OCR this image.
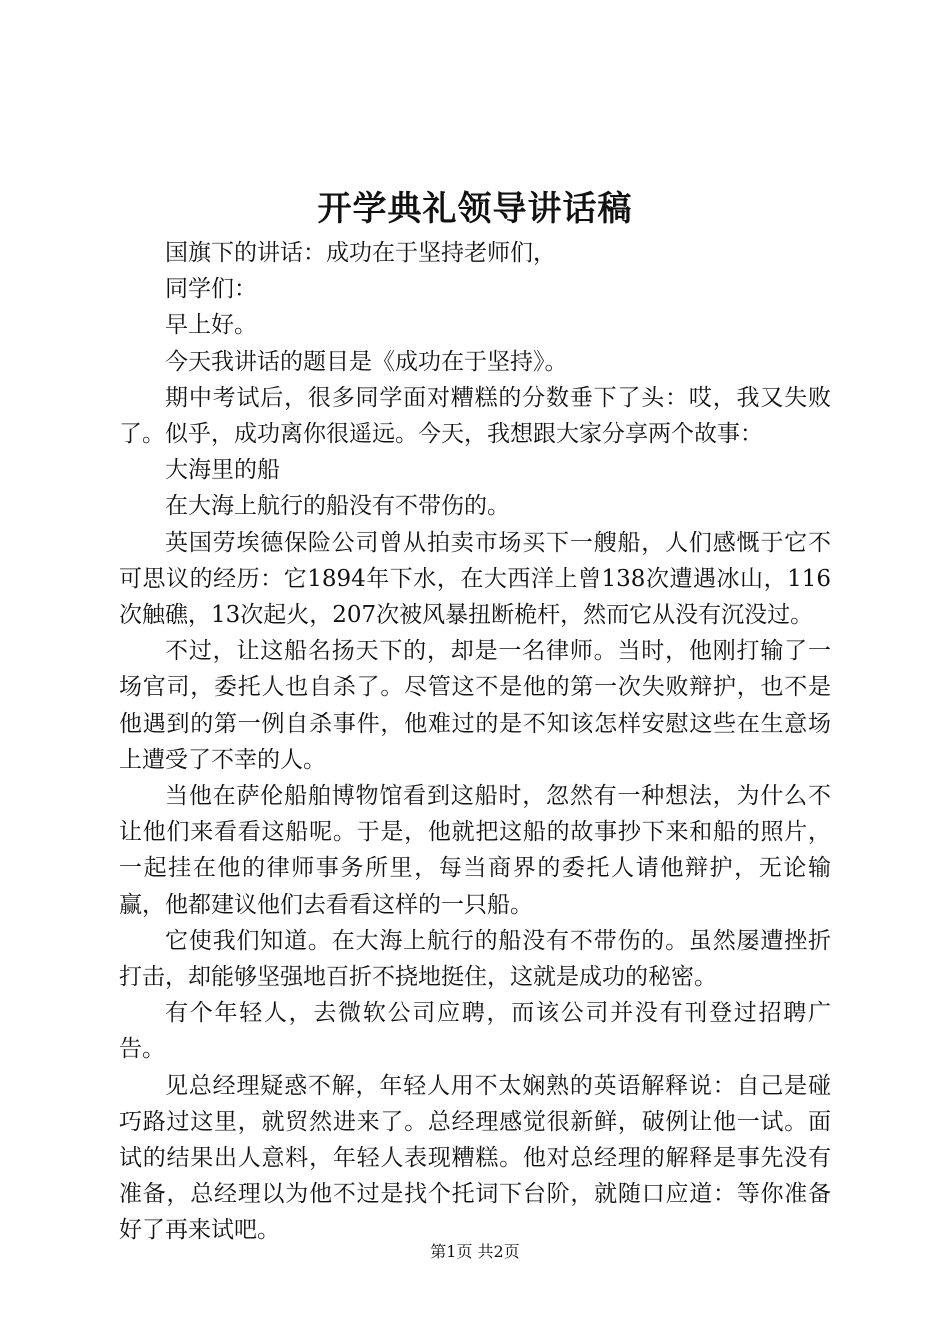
开学典礼领导讲话稿

国旗下的讲话：成功在于坚持老师们，

同学们：

早上好。

今天我讲话的题目是《成功在于坚持》。

期中考试后，很多同学面对糟糕的分数垂下了头：哎，我又失败了。似乎，成功离你很遥远。今天，我想跟大家分享两个故事：

大海里的船

在大海上航行的船没有不带伤的。

英国劳埃德保险公司曾从拍卖市场买下一艘船，人们感慨于它不可思议的经历：它1894年下水，在大西洋上曾138次遭遇冰山，116次触礁，13次起火，207次被风暴扭断桅杆，然而它从没有沉没过。

不过，让这船名扬天下的，却是一名律师。当时，他刚打输了一场官司，委托人也自杀了。尽管这不是他的第一次失败辩护，也不是他遇到的第一例自杀事件，他难过的是不知该怎样安慰这些在生意场上遭受了不幸的人。

当他在萨伦船舶博物馆看到这船时，忽然有一种想法，为什么不让他们来看看这船呢。于是，他就把这船的故事抄下来和船的照片，一起挂在他的律师事务所里，每当商界的委托人请他辩护，无论输赢，他都建议他们去看看这样的一只船。

它使我们知道。在大海上航行的船没有不带伤的。虽然屡遭挫折打击，却能够坚强地百折不挠地挺住，这就是成功的秘密。

有个年轻人，去微软公司应聘，而该公司并没有刊登过招聘广告。

见总经理疑惑不解，年轻人用不太娴熟的英语解释说：自己是碰巧路过这里，就贸然进来了。总经理感觉很新鲜，破例让他一试。面试的结果出人意料，年轻人表现糟糕。他对总经理的解释是事先没有准备，总经理以为他不过是找个托词下台阶，就随口应道：等你准备好了再来试吧。

第1页 共2页
